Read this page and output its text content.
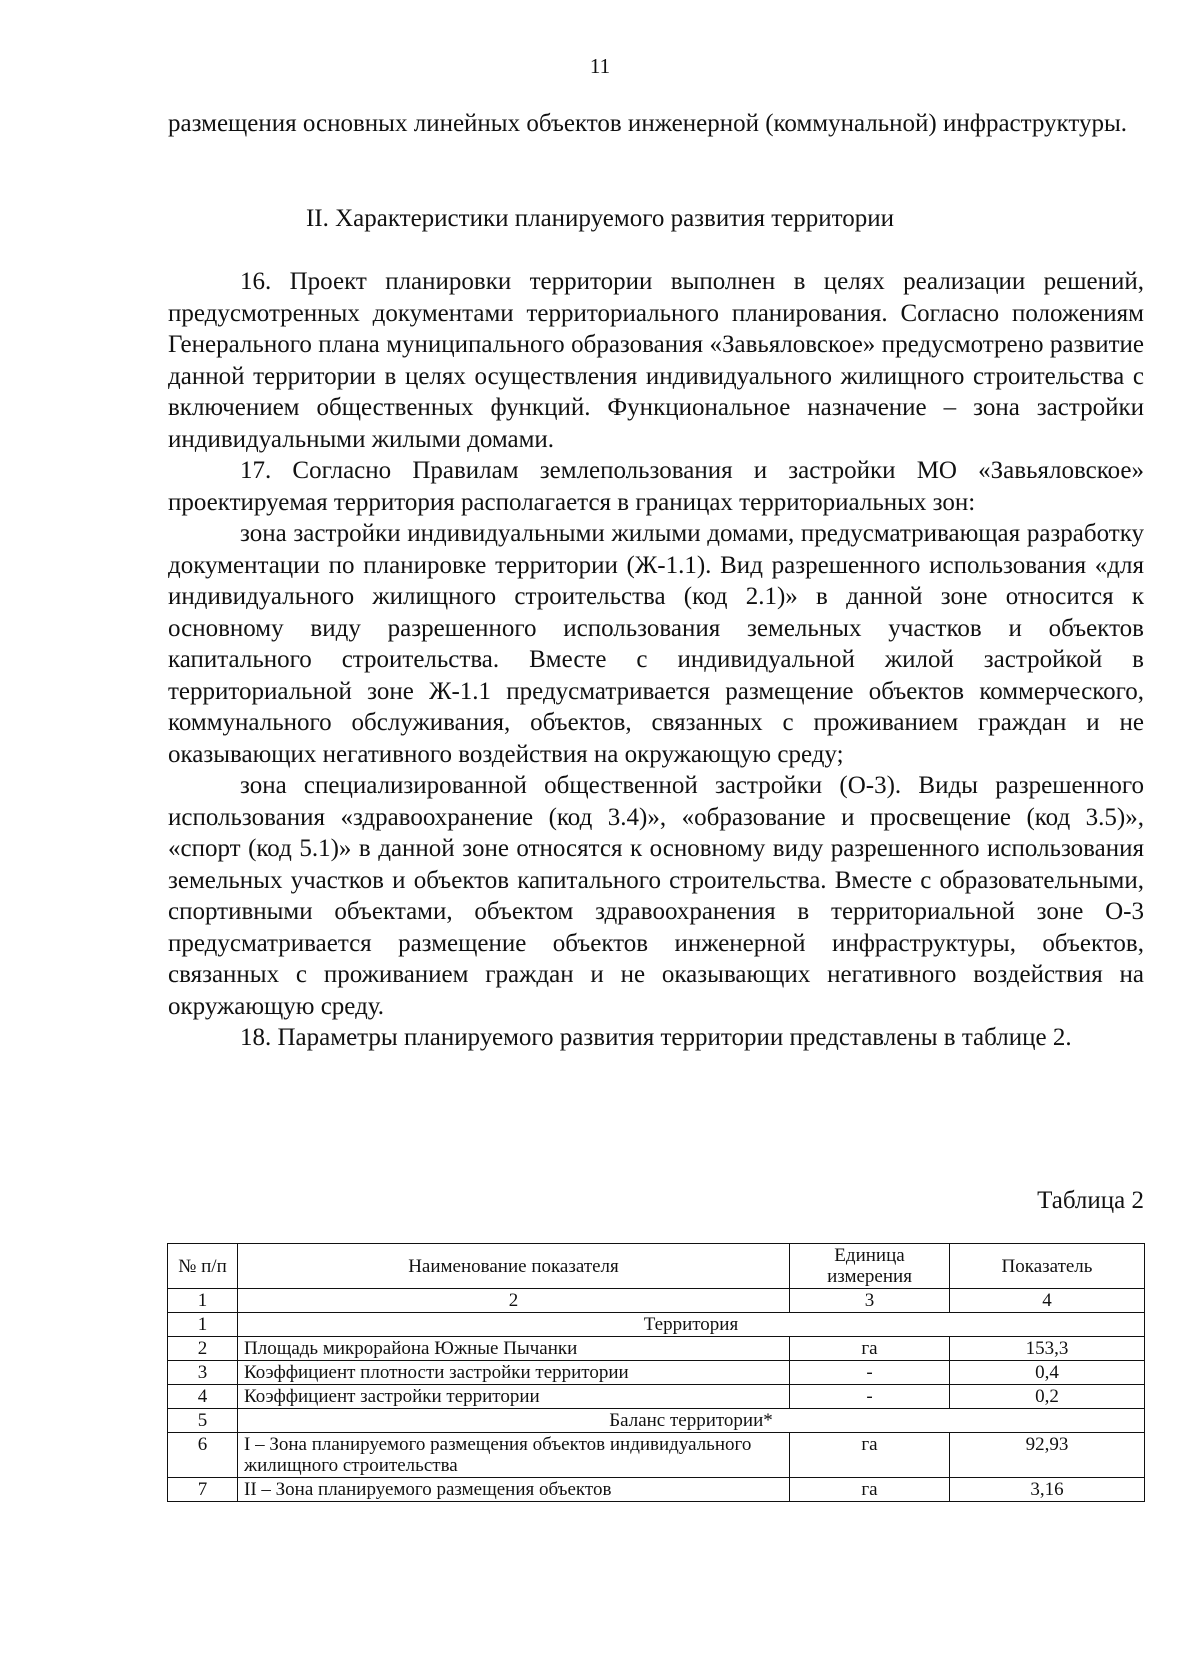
11

размещения основных линейных объектов инженерной (коммунальной) инфраструктуры.

II. Характеристики планируемого развития территории

16. Проект планировки территории выполнен в целях реализации решений, предусмотренных документами территориального планирования. Согласно положениям Генерального плана муниципального образования «Завьяловское» предусмотрено развитие данной территории в целях осуществления индивидуального жилищного строительства с включением общественных функций. Функциональное назначение – зона застройки индивидуальными жилыми домами.

17. Согласно Правилам землепользования и застройки МО «Завьяловское» проектируемая территория располагается в границах территориальных зон:

зона застройки индивидуальными жилыми домами, предусматривающая разработку документации по планировке территории (Ж-1.1). Вид разрешенного использования «для индивидуального жилищного строительства (код 2.1)» в данной зоне относится к основному виду разрешенного использования земельных участков и объектов капитального строительства. Вместе с индивидуальной жилой застройкой в территориальной зоне Ж-1.1 предусматривается размещение объектов коммерческого, коммунального обслуживания, объектов, связанных с проживанием граждан и не оказывающих негативного воздействия на окружающую среду;

зона специализированной общественной застройки (О-3). Виды разрешенного использования «здравоохранение (код 3.4)», «образование и просвещение (код 3.5)», «спорт (код 5.1)» в данной зоне относятся к основному виду разрешенного использования земельных участков и объектов капитального строительства. Вместе с образовательными, спортивными объектами, объектом здравоохранения в территориальной зоне О-3 предусматривается размещение объектов инженерной инфраструктуры, объектов, связанных с проживанием граждан и не оказывающих негативного воздействия на окружающую среду.

18. Параметры планируемого развития территории представлены в таблице 2.

Таблица 2
№ п/п	Наименование показателя	Единица измерения	Показатель
1	2	3	4
1	Территория		
2	Площадь микрорайона Южные Пычанки	га	153,3
3	Коэффициент плотности застройки территории	-	0,4
4	Коэффициент застройки территории	-	0,2
5	Баланс территории*		
6	I – Зона планируемого размещения объектов индивидуального жилищного строительства	га	92,93
7	II – Зона планируемого размещения объектов	га	3,16
